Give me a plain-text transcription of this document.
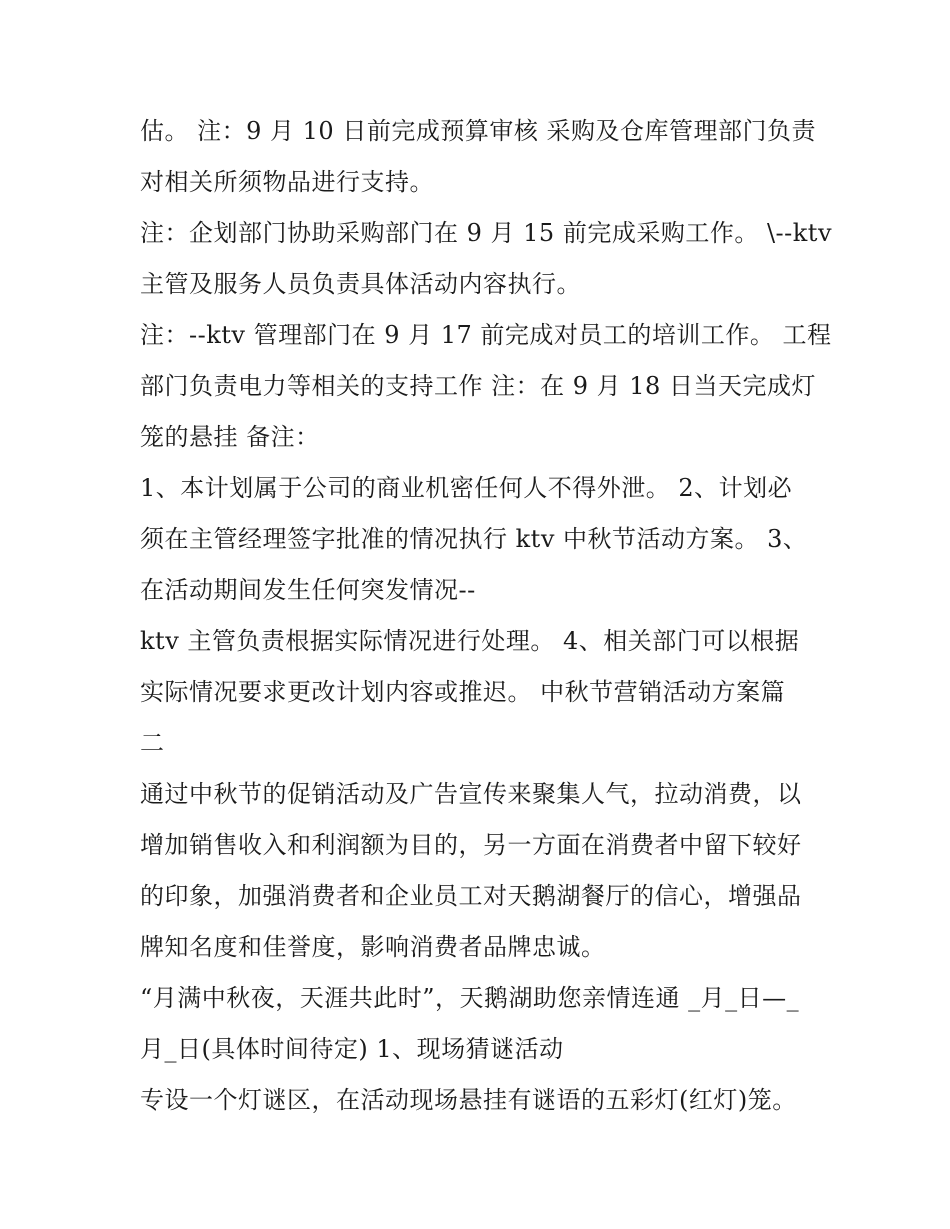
估。 注：9 月 10 日前完成预算审核 采购及仓库管理部门负责
对相关所须物品进行支持。
注：企划部门协助采购部门在 9 月 15 前完成采购工作。 \--ktv
主管及服务人员负责具体活动内容执行。
注：--ktv 管理部门在 9 月 17 前完成对员工的培训工作。 工程
部门负责电力等相关的支持工作 注：在 9 月 18 日当天完成灯
笼的悬挂 备注：
1、本计划属于公司的商业机密任何人不得外泄。 2、计划必
须在主管经理签字批准的情况执行 ktv 中秋节活动方案。 3、
在活动期间发生任何突发情况--
ktv 主管负责根据实际情况进行处理。 4、相关部门可以根据
实际情况要求更改计划内容或推迟。 中秋节营销活动方案篇
二
通过中秋节的促销活动及广告宣传来聚集人气，拉动消费，以
增加销售收入和利润额为目的，另一方面在消费者中留下较好
的印象，加强消费者和企业员工对天鹅湖餐厅的信心，增强品
牌知名度和佳誉度，影响消费者品牌忠诚。
“月满中秋夜，天涯共此时”，天鹅湖助您亲情连通 _月_日—_
月_日(具体时间待定) 1、现场猜谜活动
专设一个灯谜区，在活动现场悬挂有谜语的五彩灯(红灯)笼。
